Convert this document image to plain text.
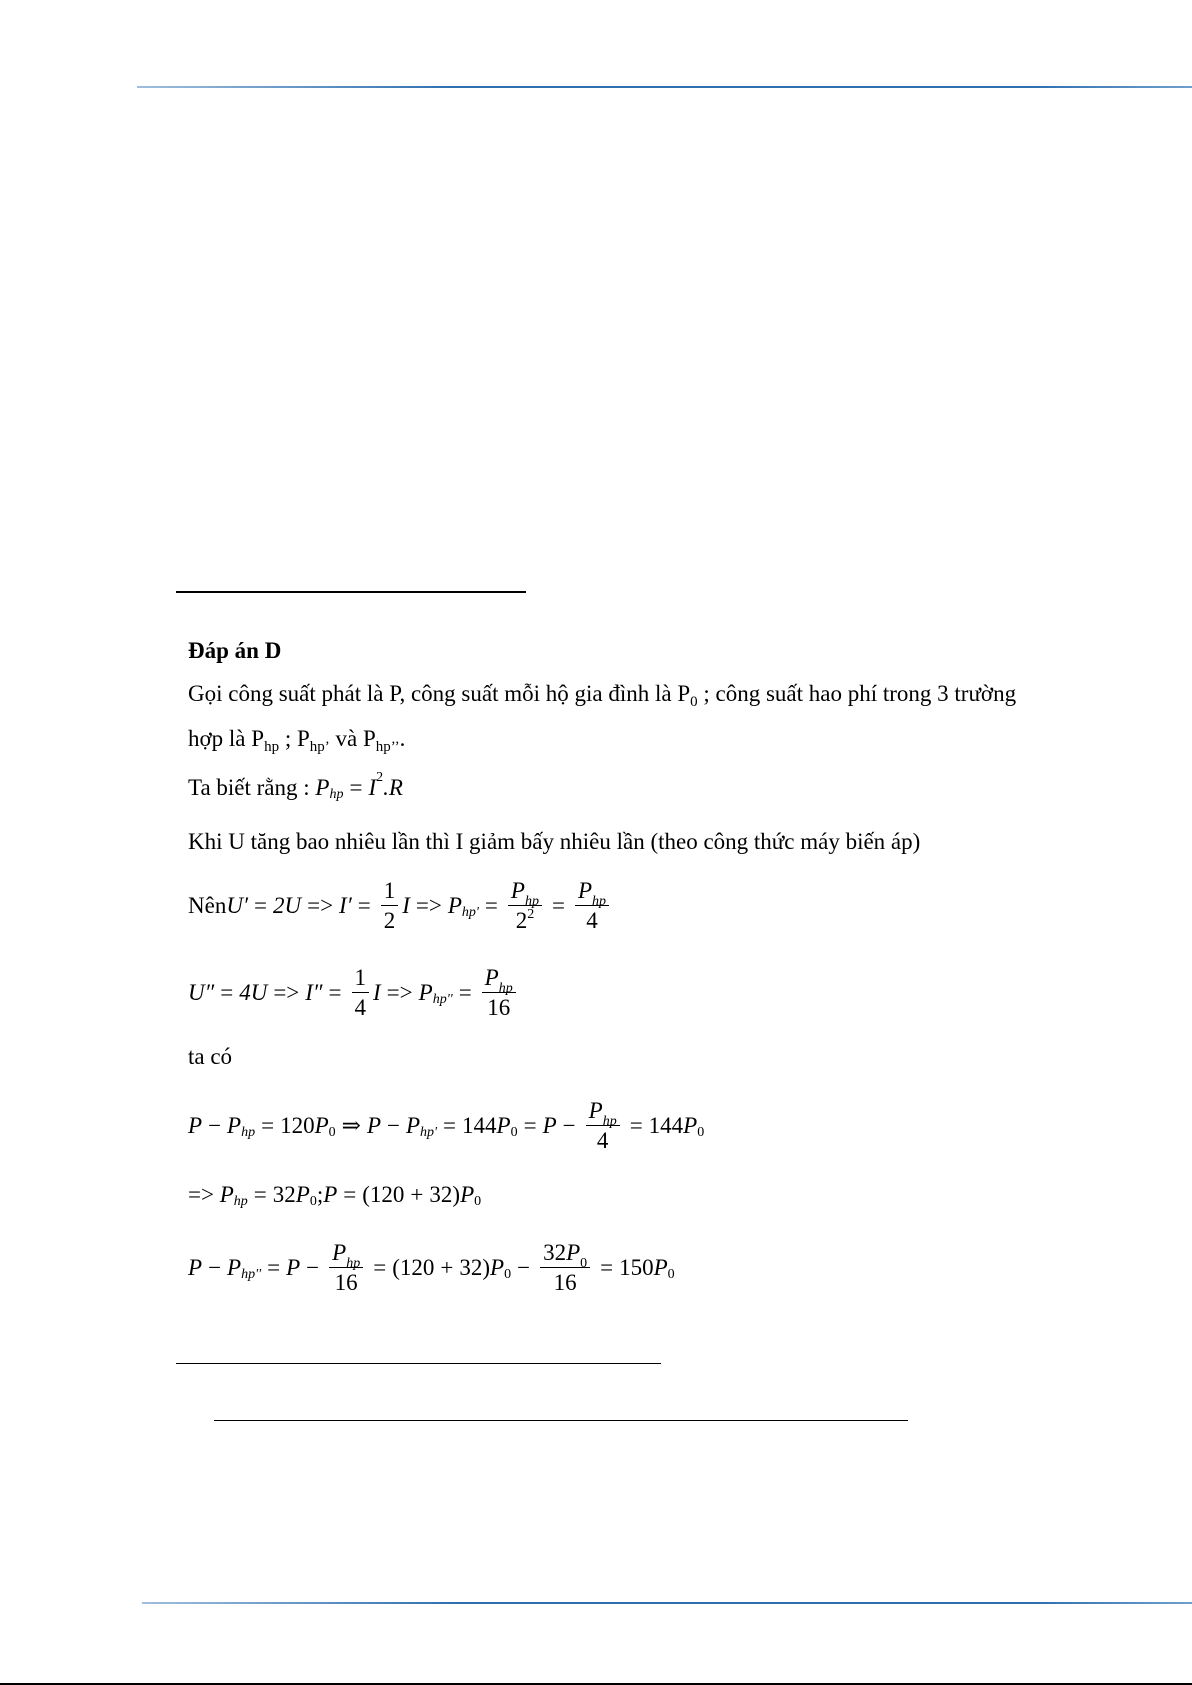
Đáp án D
Gọi công suất phát là P, công suất mỗi hộ gia đình là $P_0$ ; công suất hao phí trong 3 trường
hợp là $P_{hp}$ ; $P_{hp’}$ và $P_{hp’’}$.
Ta biết rằng : P hp = I 2 .R
Khi U tăng bao nhiêu lần thì I giảm bấy nhiêu lần (theo công thức máy biến áp)
Nên $U' = 2U => I' = \frac{1}{2}$ I => P $hp' = \frac{P_{hp}}{2^2} = \frac{P_{hp}}{4}$
$U'' = 4U => I'' = \frac{1}{4}$ I => P $hp'' = \frac{P_{hp}}{16}$
ta có
P − P hp = 120 P 0 ⇒ P − P hp' = 144 P $0 = P - \frac{P_{hp}}{4} = 144$ P 0
=>
P hp = 32 P 0 ; P = (120 + 32) P 0
P − P $hp'' = P - \frac{P_{hp}}{16} = (120 + 32)$ P $0 - \frac{32P_0}{16} = 150$ P 0
